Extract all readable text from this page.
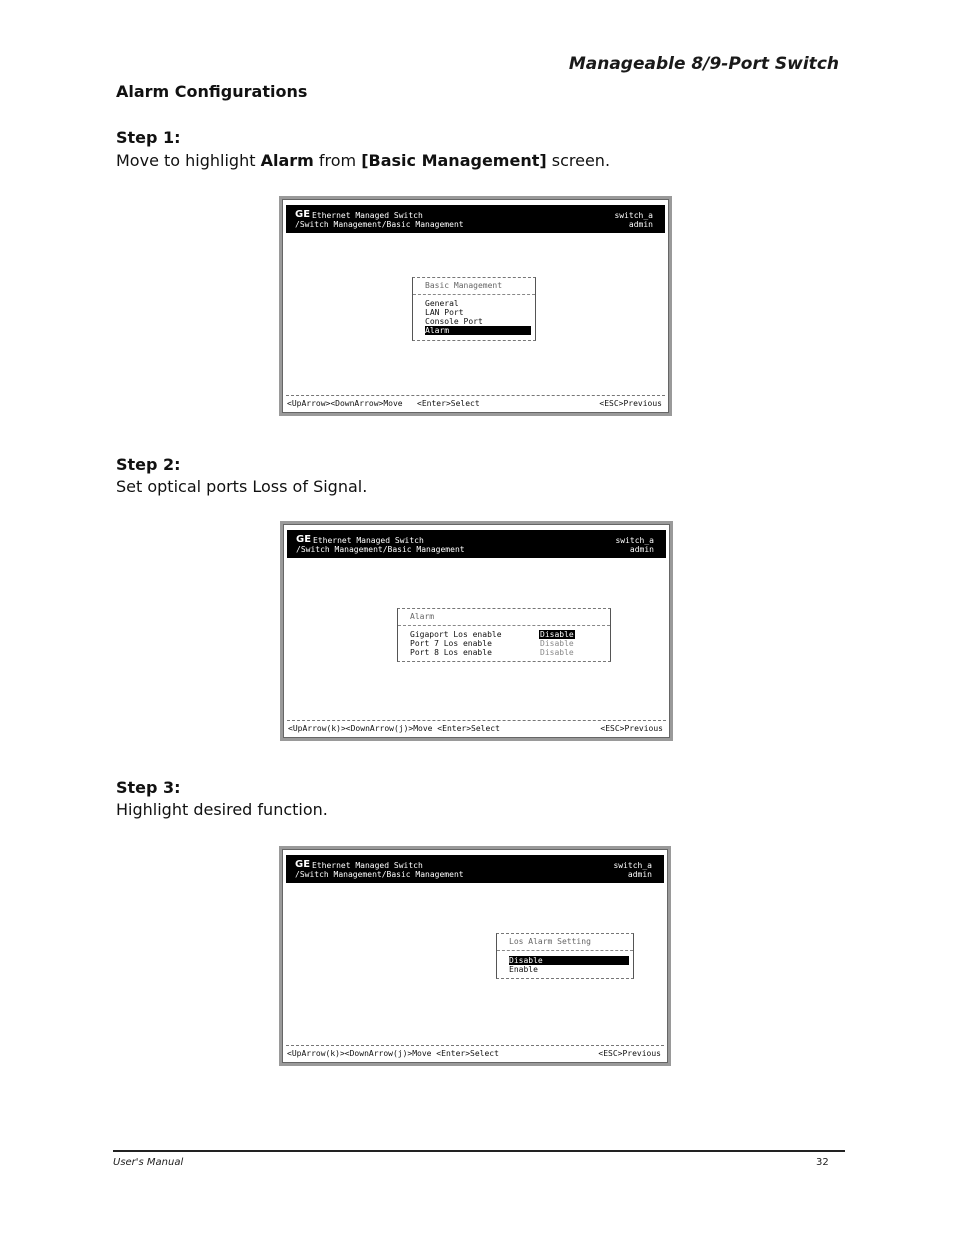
Manageable 8/9-Port Switch
Alarm Configurations
Step 1:
Move to highlight Alarm from [Basic Management] screen.
GE Ethernet Managed Switch
/Switch Management/Basic Management
switch_a
admin
Basic Management
General
LAN Port
Console Port
Alarm
<UpArrow><DownArrow>Move   <Enter>Select	<ESC>Previous
Step 2:
Set optical ports Loss of Signal.
GE Ethernet Managed Switch
/Switch Management/Basic Management
switch_a
admin
Alarm
Gigaport Los enable	Disable
Port 7 Los enable	Disable
Port 8 Los enable	Disable
<UpArrow(k)><DownArrow(j)>Move <Enter>Select	<ESC>Previous
Step 3:
Highlight desired function.
GE Ethernet Managed Switch
/Switch Management/Basic Management
switch_a
admin
Los Alarm Setting
Disable
Enable
<UpArrow(k)><DownArrow(j)>Move <Enter>Select	<ESC>Previous
User's Manual	32
